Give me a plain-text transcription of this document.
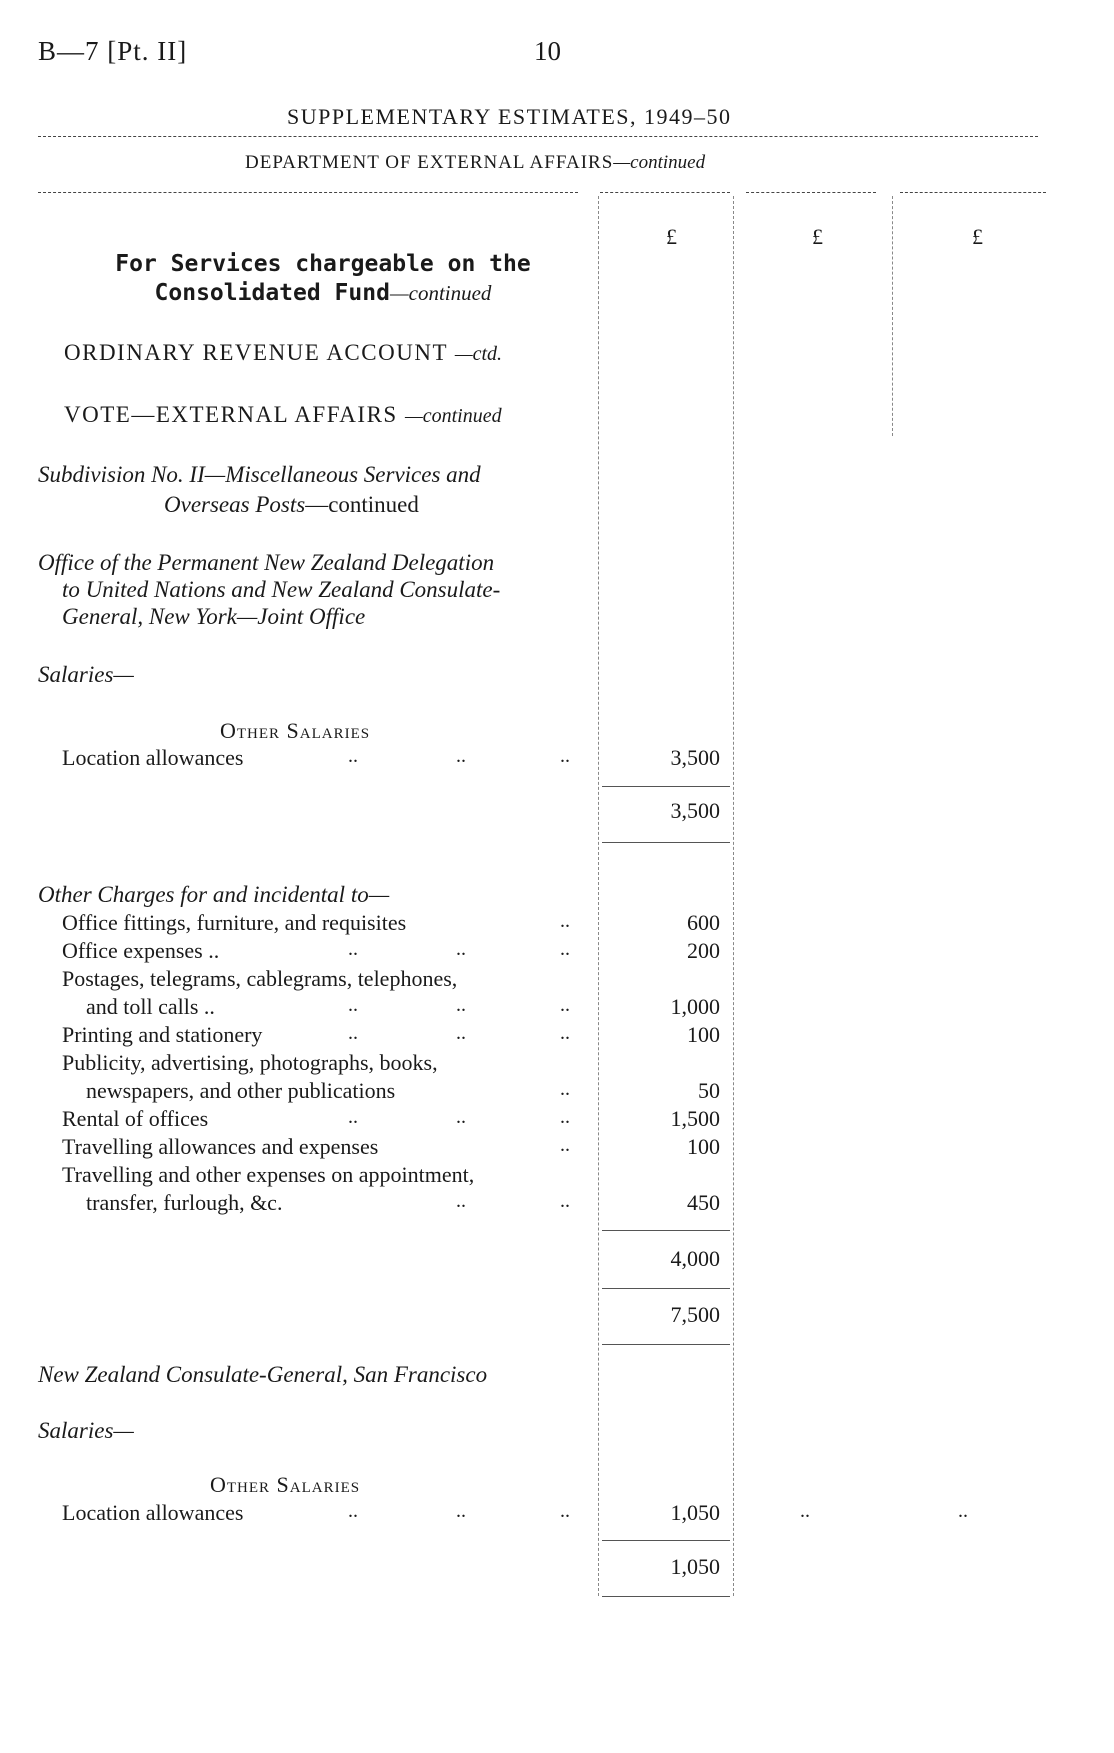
B—7 [Pt. II]	10
SUPPLEMENTARY ESTIMATES, 1949–50
DEPARTMENT OF EXTERNAL AFFAIRS—continued
£	£	£
For Services chargeable on the
Consolidated Fund—continued
ORDINARY REVENUE ACCOUNT —ctd.
VOTE—EXTERNAL AFFAIRS —continued
Subdivision No. II—Miscellaneous Services and
Overseas Posts—continued
Office of the Permanent New Zealand Delegation
to United Nations and New Zealand Consulate-
General, New York—Joint Office
Salaries—
Other Salaries
Location allowances	..	..	..	3,500
3,500
Other Charges for and incidental to—
Office fittings, furniture, and requisites	..	600
Office expenses ..	..	..	..	200
Postages, telegrams, cablegrams, telephones,
and toll calls ..	..	..	..	1,000
Printing and stationery	..	..	..	100
Publicity, advertising, photographs, books,
newspapers, and other publications	..	50
Rental of offices	..	..	..	1,500
Travelling allowances and expenses	..	100
Travelling and other expenses on appointment,
transfer, furlough, &c.	..	..	450
4,000
7,500
New Zealand Consulate-General, San Francisco
Salaries—
Other Salaries
Location allowances	..	..	..	1,050	..	..
1,050
